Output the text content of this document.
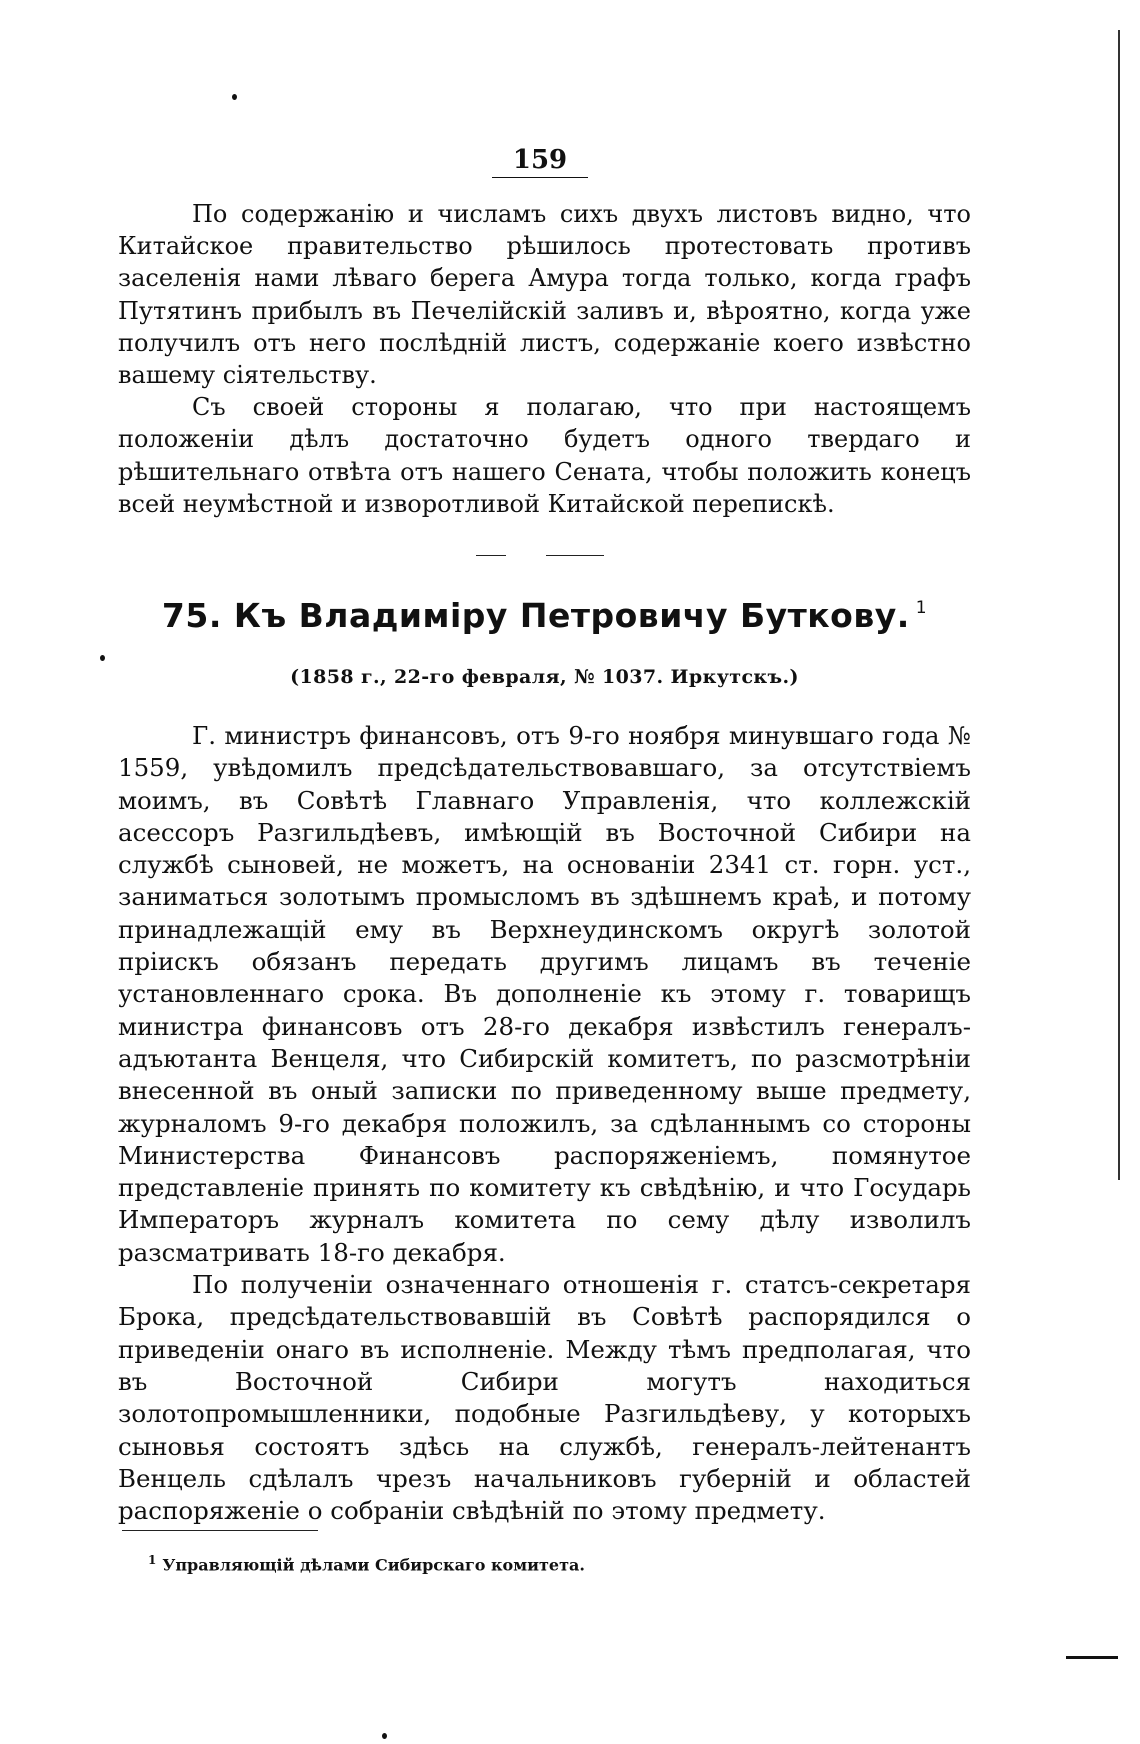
159

По содержанію и числамъ сихъ двухъ листовъ видно, что Китайское правительство рѣшилось протестовать противъ заселенія нами лѣваго берега Амура тогда только, когда графъ Путятинъ прибылъ въ Печелійскій заливъ и, вѣроятно, когда уже получилъ отъ него послѣдній листъ, содержаніе коего извѣстно вашему сіятельству.

Съ своей стороны я полагаю, что при настоящемъ положеніи дѣлъ достаточно будетъ одного твердаго и рѣшительнаго отвѣта отъ нашего Сената, чтобы положить конецъ всей неумѣстной и изворотливой Китайской перепискѣ.

75. Къ Владиміру Петровичу Буткову. $^1$
(1858 г., 22-го февраля, № 1037. Иркутскъ.)

Г. министръ финансовъ, отъ 9-го ноября минувшаго года № 1559, увѣдомилъ предсѣдательствовавшаго, за отсутствіемъ моимъ, въ Совѣтѣ Главнаго Управленія, что коллежскій асессоръ Разгильдѣевъ, имѣющій въ Восточной Сибири на службѣ сыновей, не можетъ, на основаніи 2341 ст. горн. уст., заниматься золотымъ промысломъ въ здѣшнемъ краѣ, и потому принадлежащій ему въ Верхнеудинскомъ округѣ золотой пріискъ обязанъ передать другимъ лицамъ въ теченіе установленнаго срока. Въ дополненіе къ этому г. товарищъ министра финансовъ отъ 28-го декабря извѣстилъ генералъ-адъютанта Венцеля, что Сибирскій комитетъ, по разсмотрѣніи внесенной въ оный записки по приведенному выше предмету, журналомъ 9-го декабря положилъ, за сдѣланнымъ со стороны Министерства Финансовъ распоряженіемъ, помянутое представленіе принять по комитету къ свѣдѣнію, и что Государь Императоръ журналъ комитета по сему дѣлу изволилъ разсматривать 18-го декабря.

По полученіи означеннаго отношенія г. статсъ-секретаря Брока, предсѣдательствовавшій въ Совѣтѣ распорядился о приведеніи онаго въ исполненіе. Между тѣмъ предполагая, что въ Восточной Сибири могутъ находиться золотопромышленники, подобные Разгильдѣеву, у которыхъ сыновья состоятъ здѣсь на службѣ, генералъ-лейтенантъ Венцель сдѣлалъ чрезъ начальниковъ губерній и областей распоряженіе о собраніи свѣдѣній по этому предмету.

$^1$ Управляющій дѣлами Сибирскаго комитета.
